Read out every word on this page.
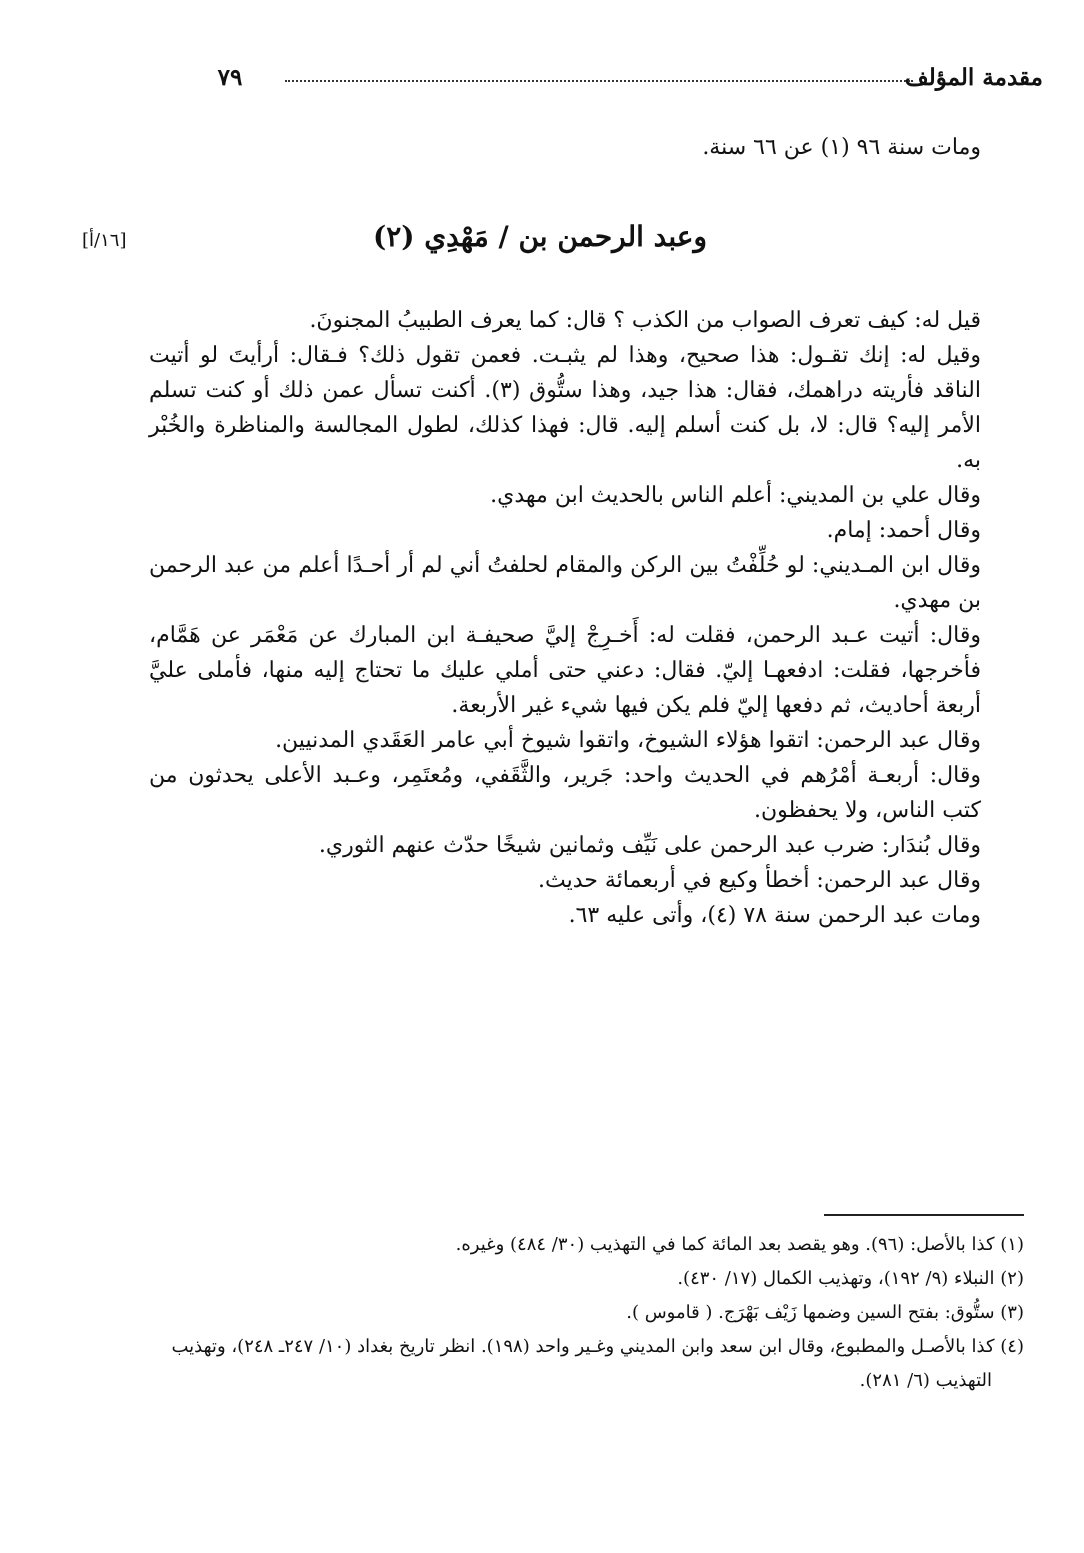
مقدمة المؤلف
٧٩

ومات سنة ٩٦ (١) عن ٦٦ سنة.

وعبد الرحمن بن / مَهْدِي (٢)
[١٦/أ]

قيل له: كيف تعرف الصواب من الكذب ؟ قال: كما يعرف الطبيبُ المجنونَ.

وقيل له: إنك تقـول: هذا صحيح، وهذا لم يثبـت. فعمن تقول ذلك؟ فـقال: أرأيتَ لو أتيت الناقد فأريته دراهمك، فقال: هذا جيد، وهذا ستُّوق (٣). أكنت تسأل عمن ذلك أو كنت تسلم الأمر إليه؟ قال: لا، بل كنت أسلم إليه. قال: فهذا كذلك، لطول المجالسة والمناظرة والخُبْر به.

وقال علي بن المديني: أعلم الناس بالحديث ابن مهدي.

وقال أحمد: إمام.

وقال ابن المـديني: لو حُلِّفْتُ بين الركن والمقام لحلفتُ أني لم أر أحـدًا أعلم من عبد الرحمن بن مهدي.

وقال: أتيت عـبد الرحمن، فقلت له: أَخـرِجْ إليَّ صحيفـة ابن المبارك عن مَعْمَر عن هَمَّام، فأخرجها، فقلت: ادفعهـا إليّ. فقال: دعني حتى أملي عليك ما تحتاج إليه منها، فأملى عليَّ أربعة أحاديث، ثم دفعها إليّ فلم يكن فيها شيء غير الأربعة.

وقال عبد الرحمن: اتقوا هؤلاء الشيوخ، واتقوا شيوخ أبي عامر العَقَدي المدنيين.

وقال: أربعـة أمْرُهم في الحديث واحد: جَرير، والثَّقَفي، ومُعتَمِر، وعـبد الأعلى يحدثون من كتب الناس، ولا يحفظون.

وقال بُندَار: ضرب عبد الرحمن على نَيِّف وثمانين شيخًا حدّث عنهم الثوري.

وقال عبد الرحمن: أخطأ وكيع في أربعمائة حديث.

ومات عبد الرحمن سنة ٧٨ (٤)، وأتى عليه ٦٣.

(١) كذا بالأصل: (٩٦). وهو يقصد بعد المائة كما في التهذيب (٣٠/ ٤٨٤) وغيره.

(٢) النبلاء (٩/ ١٩٢)، وتهذيب الكمال (١٧/ ٤٣٠).

(٣) ستُّوق: بفتح السين وضمها زَيْف بَهْرَج. ( قاموس ).

(٤) كذا بالأصـل والمطبوع، وقال ابن سعد وابن المديني وغـير واحد (١٩٨). انظر تاريخ بغداد (١٠/ ٢٤٧ـ ٢٤٨)، وتهذيب التهذيب (٦/ ٢٨١).
